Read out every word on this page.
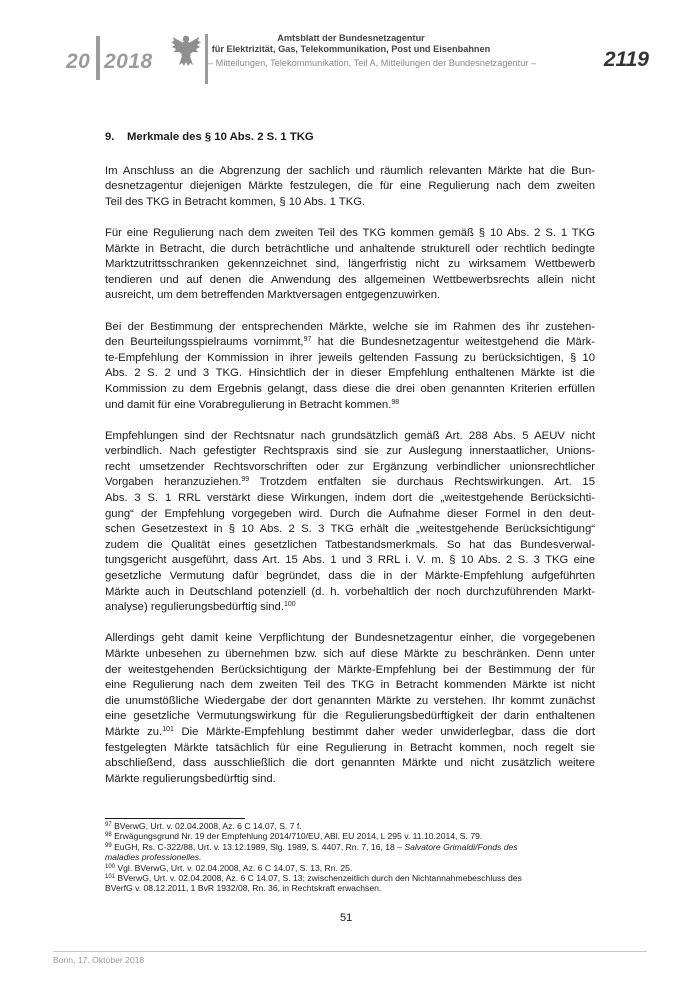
20 2018
Amtsblatt der Bundesnetzagentur
für Elektrizität, Gas, Telekommunikation, Post und Eisenbahnen
– Mitteilungen, Telekommunikation, Teil A, Mitteilungen der Bundesnetzagentur –	2119
9.	Merkmale des § 10 Abs. 2 S. 1 TKG

Im Anschluss an die Abgrenzung der sachlich und räumlich relevanten Märkte hat die Bun-
desnetzagentur diejenigen Märkte festzulegen, die für eine Regulierung nach dem zweiten
Teil des TKG in Betracht kommen, § 10 Abs. 1 TKG.

Für eine Regulierung nach dem zweiten Teil des TKG kommen gemäß § 10 Abs. 2 S. 1 TKG
Märkte in Betracht, die durch beträchtliche und anhaltende strukturell oder rechtlich bedingte
Marktzutrittsschranken gekennzeichnet sind, längerfristig nicht zu wirksamem Wettbewerb
tendieren und auf denen die Anwendung des allgemeinen Wettbewerbsrechts allein nicht
ausreicht, um dem betreffenden Marktversagen entgegenzuwirken.

Bei der Bestimmung der entsprechenden Märkte, welche sie im Rahmen des ihr zustehen-
den Beurteilungsspielraums vornimmt,$^{97}$ hat die Bundesnetzagentur weitestgehend die Märk-
te-Empfehlung der Kommission in ihrer jeweils geltenden Fassung zu berücksichtigen, § 10
Abs. 2 S. 2 und 3 TKG. Hinsichtlich der in dieser Empfehlung enthaltenen Märkte ist die
Kommission zu dem Ergebnis gelangt, dass diese die drei oben genannten Kriterien erfüllen
und damit für eine Vorabregulierung in Betracht kommen.$^{98}$

Empfehlungen sind der Rechtsnatur nach grundsätzlich gemäß Art. 288 Abs. 5 AEUV nicht
verbindlich. Nach gefestigter Rechtspraxis sind sie zur Auslegung innerstaatlicher, Unions-
recht umsetzender Rechtsvorschriften oder zur Ergänzung verbindlicher unionsrechtlicher
Vorgaben heranzuziehen.$^{99}$ Trotzdem entfalten sie durchaus Rechtswirkungen. Art. 15
Abs. 3 S. 1 RRL verstärkt diese Wirkungen, indem dort die „weitestgehende Berücksichti-
gung“ der Empfehlung vorgegeben wird. Durch die Aufnahme dieser Formel in den deut-
schen Gesetzestext in § 10 Abs. 2 S. 3 TKG erhält die „weitestgehende Berücksichtigung“
zudem die Qualität eines gesetzlichen Tatbestandsmerkmals. So hat das Bundesverwal-
tungsgericht ausgeführt, dass Art. 15 Abs. 1 und 3 RRL i. V. m. § 10 Abs. 2 S. 3 TKG eine
gesetzliche Vermutung dafür begründet, dass die in der Märkte-Empfehlung aufgeführten
Märkte auch in Deutschland potenziell (d. h. vorbehaltlich der noch durchzuführenden Markt-
analyse) regulierungsbedürftig sind.$^{100}$

Allerdings geht damit keine Verpflichtung der Bundesnetzagentur einher, die vorgegebenen
Märkte unbesehen zu übernehmen bzw. sich auf diese Märkte zu beschränken. Denn unter
der weitestgehenden Berücksichtigung der Märkte-Empfehlung bei der Bestimmung der für
eine Regulierung nach dem zweiten Teil des TKG in Betracht kommenden Märkte ist nicht
die unumstößliche Wiedergabe der dort genannten Märkte zu verstehen. Ihr kommt zunächst
eine gesetzliche Vermutungswirkung für die Regulierungsbedürftigkeit der darin enthaltenen
Märkte zu.$^{101}$ Die Märkte-Empfehlung bestimmt daher weder unwiderlegbar, dass die dort
festgelegten Märkte tatsächlich für eine Regulierung in Betracht kommen, noch regelt sie
abschließend, dass ausschließlich die dort genannten Märkte und nicht zusätzlich weitere
Märkte regulierungsbedürftig sind.

$^{97}$ BVerwG, Urt. v. 02.04.2008, Az. 6 C 14.07, S. 7 f.
$^{98}$ Erwägungsgrund Nr. 19 der Empfehlung 2014/710/EU, ABl. EU 2014, L 295 v. 11.10.2014, S. 79.
$^{99}$ EuGH, Rs. C-322/88, Urt. v. 13.12.1989, Slg. 1989, S. 4407, Rn. 7, 16, 18 – Salvatore Grimaldi/Fonds des
maladies professionelles.
$^{100}$ Vgl. BVerwG, Urt. v. 02.04.2008, Az. 6 C 14.07, S. 13, Rn. 25.
$^{101}$ BVerwG, Urt. v. 02.04.2008, Az. 6 C 14.07, S. 13; zwischenzeitlich durch den Nichtannahmebeschluss des
BVerfG v. 08.12.2011, 1 BvR 1932/08, Rn. 36, in Rechtskraft erwachsen.
51
Bonn, 17. Oktober 2018
